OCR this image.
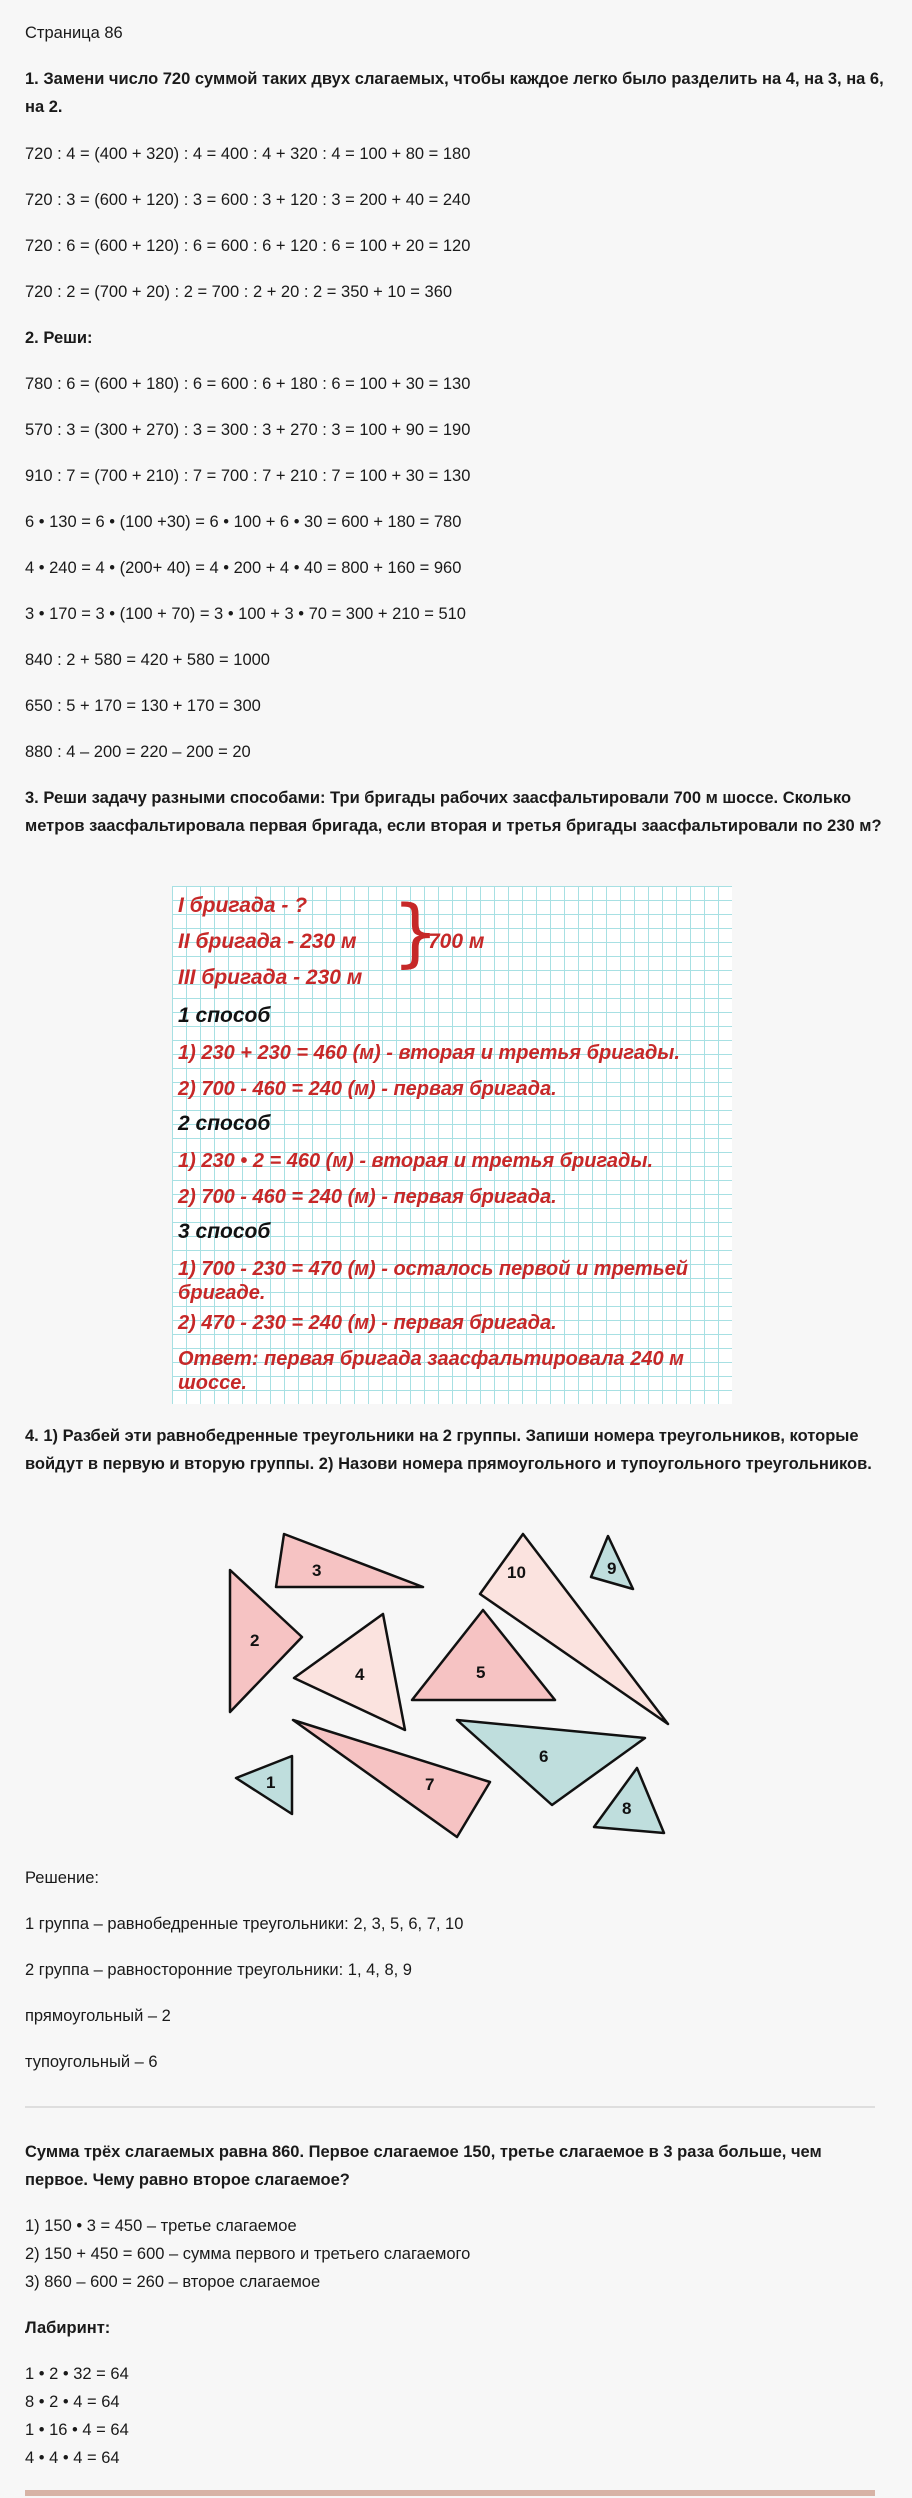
Страница 86
1. Замени число 720 суммой таких двух слагаемых, чтобы каждое легко было разделить на 4, на 3, на 6, на 2.
720 : 4 = (400 + 320) : 4 = 400 : 4 + 320 : 4 = 100 + 80 = 180
720 : 3 = (600 + 120) : 3 = 600 : 3 + 120 : 3 = 200 + 40 = 240
720 : 6 = (600 + 120) : 6 = 600 : 6 + 120 : 6 = 100 + 20 = 120
720 : 2 = (700 + 20) : 2 = 700 : 2 + 20 : 2 = 350 + 10 = 360
2. Реши:
780 : 6 = (600 + 180) : 6 = 600 : 6 + 180 : 6 = 100 + 30 = 130
570 : 3 = (300 + 270) : 3 = 300 : 3 + 270 : 3 = 100 + 90 = 190
910 : 7 = (700 + 210) : 7 = 700 : 7 + 210 : 7 = 100 + 30 = 130
6 • 130 = 6 • (100 +30) = 6 • 100 + 6 • 30 = 600 + 180 = 780
4 • 240 = 4 • (200+ 40) = 4 • 200 + 4 • 40 = 800 + 160 = 960
3 • 170 = 3 • (100 + 70) = 3 • 100 + 3 • 70 = 300 + 210 = 510
840 : 2 + 580 = 420 + 580 = 1000
650 : 5 + 170 = 130 + 170 = 300
880 : 4 – 200 = 220 – 200 = 20
3. Реши задачу разными способами: Три бригады рабочих заасфальтировали 700 м шоссе. Сколько метров заасфальтировала первая бригада, если вторая и третья бригады заасфальтировали по 230 м?
I бригада - ?
II бригада - 230 м
III бригада - 230 м
}
700 м
1 способ
1) 230 + 230 = 460 (м) - вторая и третья бригады.
2) 700 - 460 = 240 (м) - первая бригада.
2 способ
1) 230 • 2 = 460 (м) - вторая и третья бригады.
2) 700 - 460 = 240 (м) - первая бригада.
3 способ
1) 700 - 230 = 470 (м) - осталось первой и третьей
бригаде.
2) 470 - 230 = 240 (м) - первая бригада.
Ответ: первая бригада заасфальтировала 240 м
шоссе.
4. 1) Разбей эти равнобедренные треугольники на 2 группы. Запиши номера треугольников, которые войдут в первую и вторую группы. 2) Назови номера прямоугольного и тупоугольного треугольников.
3
2
4
10	9
5
6
7
1
8
Решение:
1 группа – равнобедренные треугольники: 2, 3, 5, 6, 7, 10
2 группа – равносторонние треугольники: 1, 4, 8, 9
прямоугольный – 2
тупоугольный – 6
Сумма трёх слагаемых равна 860. Первое слагаемое 150, третье слагаемое в 3 раза больше, чем первое. Чему равно второе слагаемое?
1) 150 • 3 = 450 – третье слагаемое
2) 150 + 450 = 600 – сумма первого и третьего слагаемого
3) 860 – 600 = 260 – второе слагаемое
Лабиринт:
1 • 2 • 32 = 64
8 • 2 • 4 = 64
1 • 16 • 4 = 64
4 • 4 • 4 = 64
